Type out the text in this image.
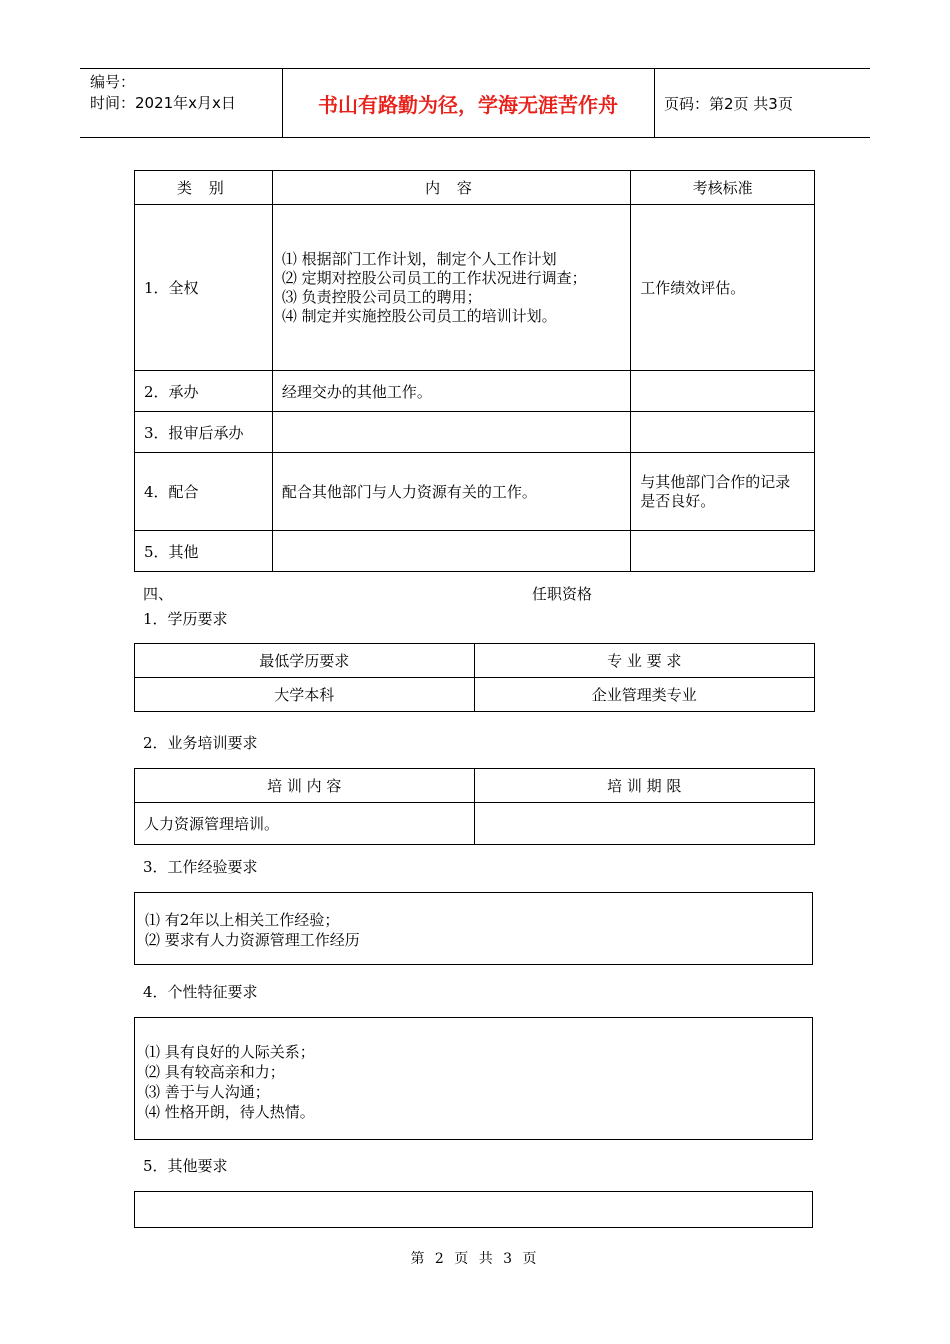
编号：
时间：2021年x月x日	书山有路勤为径，学海无涯苦作舟	页码：第2页 共3页
类 别	内 容	考核标准
1．全权	⑴ 根据部门工作计划，制定个人工作计划
⑵ 定期对控股公司员工的工作状况进行调查；
⑶ 负责控股公司员工的聘用；
⑷ 制定并实施控股公司员工的培训计划。	工作绩效评估。
2．承办	经理交办的其他工作。	
3．报审后承办		
4．配合	配合其他部门与人力资源有关的工作。	与其他部门合作的记录是否良好。
5．其他		
四、	任职资格
1．学历要求
最低学历要求	专 业 要 求
大学本科	企业管理类专业
2．业务培训要求
培 训 内 容	培 训 期 限
人力资源管理培训。	
3．工作经验要求
⑴ 有2年以上相关工作经验；
⑵ 要求有人力资源管理工作经历
4．个性特征要求
⑴ 具有良好的人际关系；
⑵ 具有较高亲和力；
⑶ 善于与人沟通；
⑷ 性格开朗，待人热情。
5．其他要求
第 2 页 共 3 页
